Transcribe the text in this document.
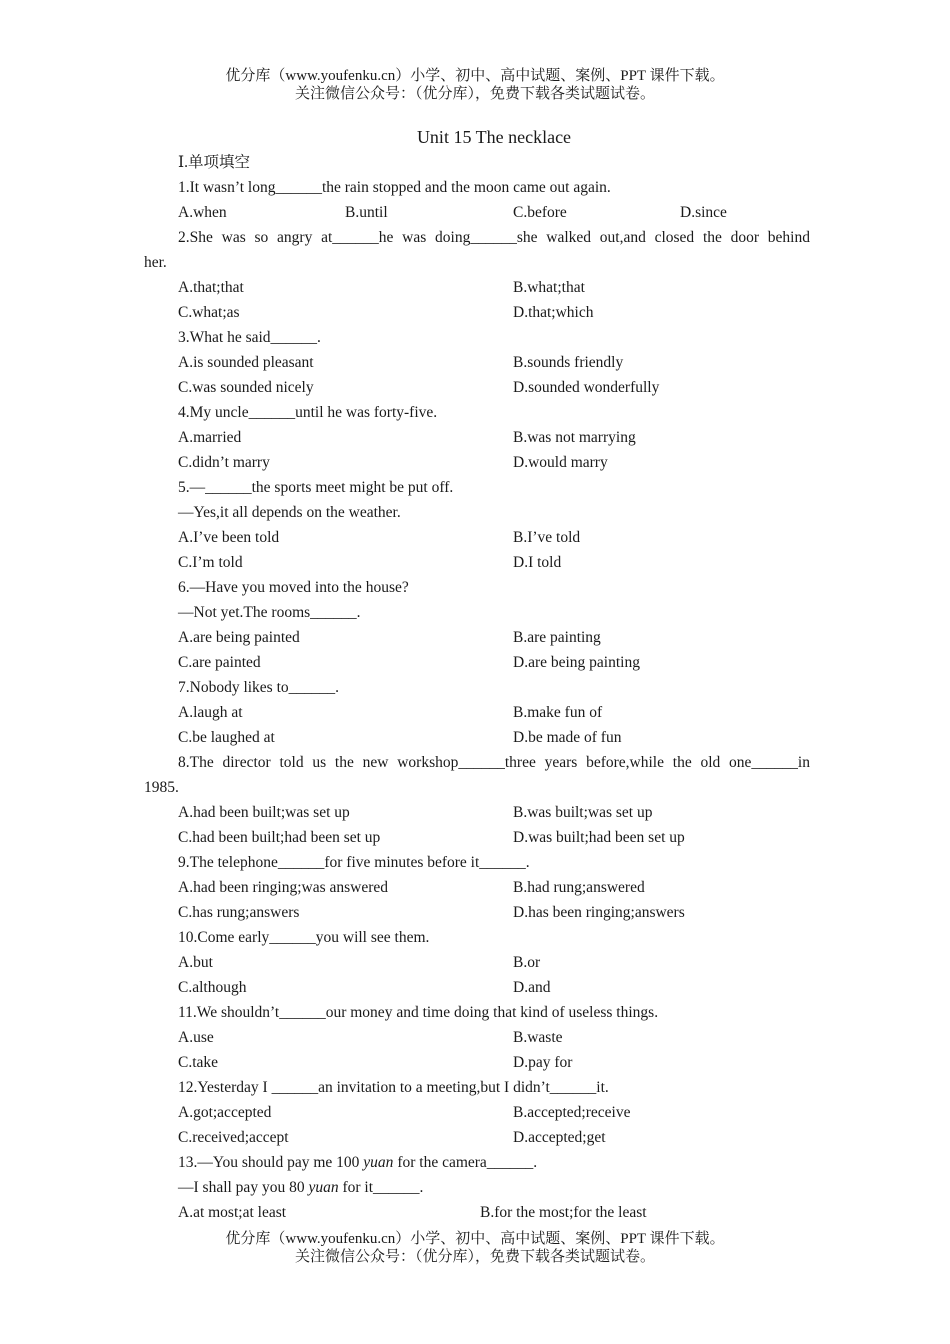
优分库（www.youfenku.cn）小学、初中、高中试题、案例、PPT 课件下载。
关注微信公众号：（优分库），免费下载各类试题试卷。
Unit 15 The necklace
Ⅰ.单项填空
1.It wasn’t long______the rain stopped and the moon came out again.
A.when	B.until	C.before	D.since
2.She was so angry at______he was doing______she walked out,and closed the door behind
her.
A.that;that	B.what;that
C.what;as	D.that;which
3.What he said______.
A.is sounded pleasant	B.sounds friendly
C.was sounded nicely	D.sounded wonderfully
4.My uncle______until he was forty-five.
A.married	B.was not marrying
C.didn’t marry	D.would marry
5.—______the sports meet might be put off.
—Yes,it all depends on the weather.
A.I’ve been told	B.I’ve told
C.I’m told	D.I told
6.—Have you moved into the house?
—Not yet.The rooms______.
A.are being painted	B.are painting
C.are painted	D.are being painting
7.Nobody likes to______.
A.laugh at	B.make fun of
C.be laughed at	D.be made of fun
8.The director told us the new workshop______three years before,while the old one______in
1985.
A.had been built;was set up	B.was built;was set up
C.had been built;had been set up	D.was built;had been set up
9.The telephone______for five minutes before it______.
A.had been ringing;was answered	B.had rung;answered
C.has rung;answers	D.has been ringing;answers
10.Come early______you will see them.
A.but	B.or
C.although	D.and
11.We shouldn’t______our money and time doing that kind of useless things.
A.use	B.waste
C.take	D.pay for
12.Yesterday I ______an invitation to a meeting,but I didn’t______it.
A.got;accepted	B.accepted;receive
C.received;accept	D.accepted;get
13.—You should pay me 100 yuan for the camera______.
—I shall pay you 80 yuan for it______.
A.at most;at least	B.for the most;for the least
优分库（www.youfenku.cn）小学、初中、高中试题、案例、PPT 课件下载。
关注微信公众号：（优分库），免费下载各类试题试卷。
